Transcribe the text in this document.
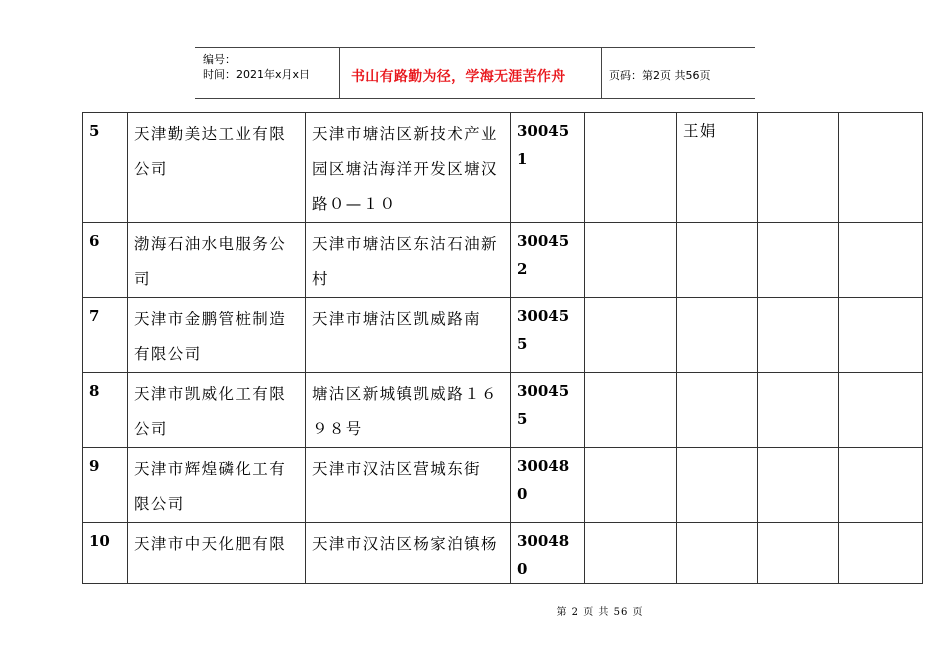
编号：
时间：2021年x月x日	书山有路勤为径，学海无涯苦作舟	页码：第2页 共56页
5	天津勤美达工业有限公司	天津市塘沽区新技术产业园区塘沽海洋开发区塘汉路０—１０	300451		王娟		
6	渤海石油水电服务公司	天津市塘沽区东沽石油新村	300452				
7	天津市金鹏管桩制造有限公司	天津市塘沽区凯威路南	300455				
8	天津市凯威化工有限公司	塘沽区新城镇凯威路１６９８号	300455				
9	天津市辉煌磷化工有限公司	天津市汉沽区营城东街	300480				
10	天津市中天化肥有限	天津市汉沽区杨家泊镇杨	300480				
第 2 页 共 56 页
